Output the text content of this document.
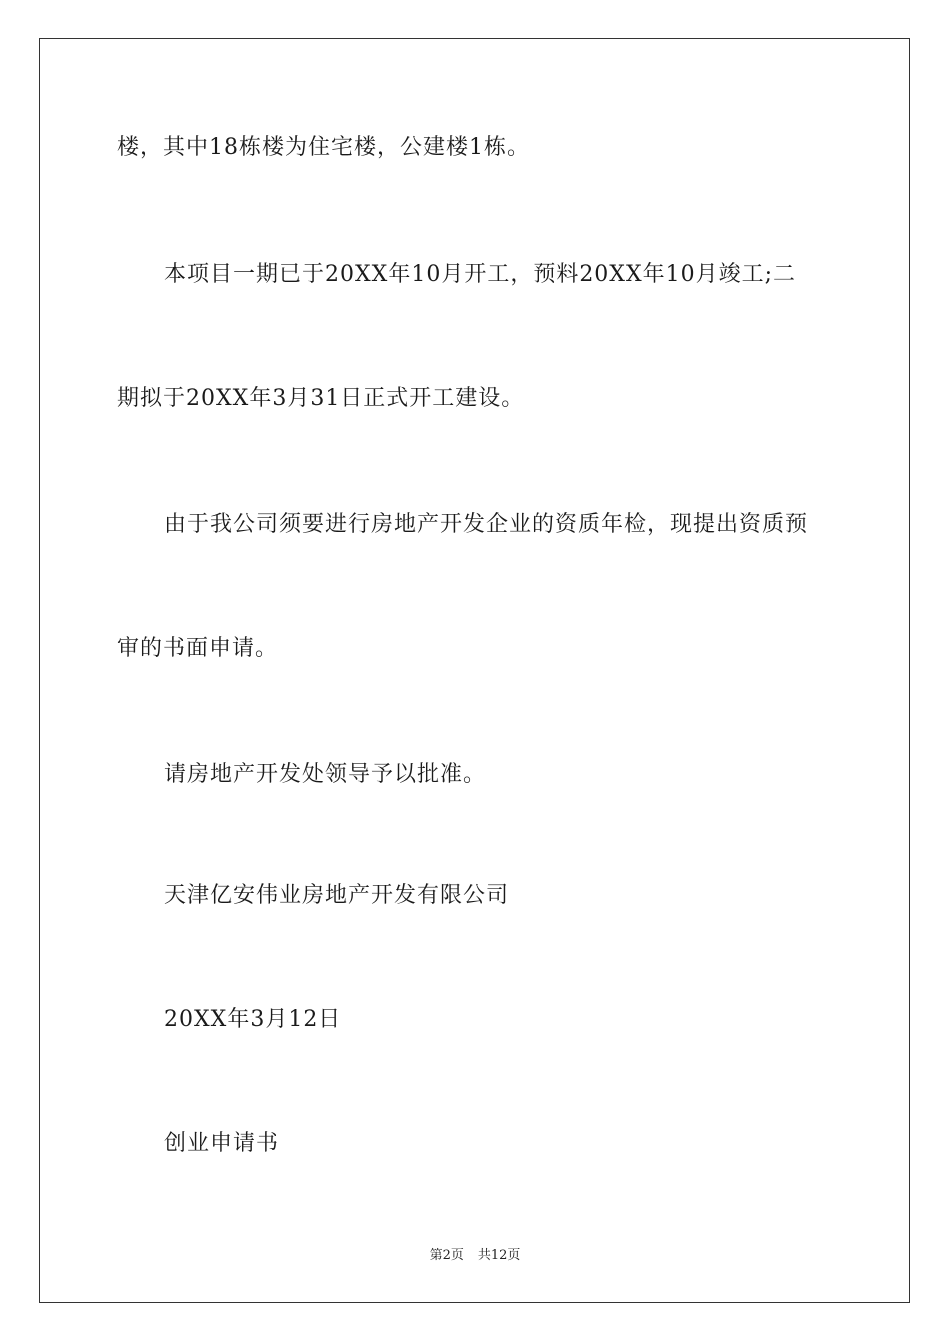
楼，其中18栋楼为住宅楼，公建楼1栋。
本项目一期已于20XX年10月开工，预料20XX年10月竣工;二
期拟于20XX年3月31日正式开工建设。
由于我公司须要进行房地产开发企业的资质年检，现提出资质预
审的书面申请。
请房地产开发处领导予以批准。
天津亿安伟业房地产开发有限公司
20XX年3月12日
创业申请书
第2页 共12页
